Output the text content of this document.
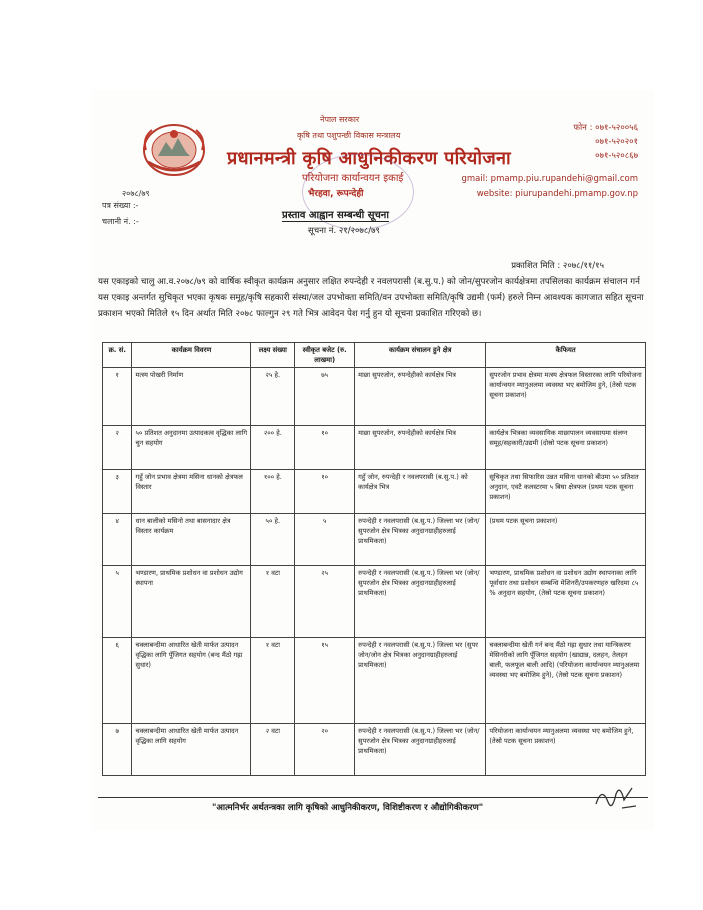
नेपाल सरकार
कृषि तथा पशुपन्छी विकास मन्त्रालय
प्रधानमन्त्री कृषि आधुनिकीकरण परियोजना
परियोजना कार्यान्वयन इकाई
भैरहवा, रूपन्देही
फोन : ०७१-५२००५६
०७१-५२०२०१
०७१-५२०८६७
gmail: pmamp.piu.rupandehi@gmail.com
website: piurupandehi.pmamp.gov.np
२०७८/७९
पत्र संख्या :-
चलानी नं. :-
प्रस्ताव आह्वान सम्बन्धी सूचना
सूचना नं. २१/२०७८/७९
प्रकाशित मिति : २०७८/११/१५
यस एकाइको चालु आ.व.२०७८/७९ को वार्षिक स्वीकृत कार्यक्रम अनुसार लक्षित रुपन्देही र नवलपरासी (ब.सु.प.) को जोन/सुपरजोन कार्यक्षेत्रमा तपसिलका कार्यक्रम संचालन गर्न यस एकाइ अन्तर्गत सुचिकृत भएका कृषक समूह/कृषि सहकारी संस्था/जल उपभोक्ता समिति/वन उपभोक्ता समिति/कृषि उद्यमी (फर्म) हरुले निम्न आवश्यक कागजात सहित सूचना प्रकाशन भएको मितिले १५ दिन अर्थात मिति २०७८ फाल्गुन २९ गते भित्र आवेदन पेश गर्नु हुन यो सूचना प्रकाशित गरिएको छ।
क्र. सं.	कार्यक्रम विवरण	लक्ष्य संख्या	स्वीकृत बजेट (रु. लाखमा)	कार्यक्रम संचालन हुने क्षेत्र	कैफियत
१	मत्स्य पोखरी निर्माण	२५ हे.	७५	माछा सुपरजोन, रुपन्देहीको कार्यक्षेत्र भित्र	सुपरजोन प्रभाव क्षेत्रमा मत्स्य क्षेत्रफल विस्तारका लागि परियोजना कार्यान्वयन म्यानुअलमा व्यवस्था भए बमोजिम हुने, (तेस्रो पटक सूचना प्रकाशन)
२	५० प्रतिशत अनुदानमा उत्पादकत्व वृद्धिका लागि चुन सहयोग	२०० हे.	१०	माछा सुपरजोन, रुपन्देहीको कार्यक्षेत्र भित्र	कार्यक्षेत्र भित्रका व्यवसायिक माछापालन व्यवसायमा संलग्न समूह/सहकारी/उद्यमी (दोस्रो पटक सूचना प्रकाशन)
३	गहुँ जोन प्रभाव क्षेत्रमा मसिना धानको क्षेत्रफल विस्तार	१०० हे.	१०	गहुँ जोन, रुपन्देही र नवलपरासी (ब.सु.प.) को कार्यक्षेत्र भित्र	सूचिकृत तथा सिफारिस उन्नत मसिना धानको बीउमा ५० प्रतिशत अनुदान, एवटै कलस्टरमा ५ बिघा क्षेत्रफल (प्रथम पटक सूचना प्रकाशन)
४	धान बालीको मसिनो तथा बासनादार क्षेत्र विस्तार कार्यक्रम	५० हे.	५	रुपन्देही र नवलपरासी (ब.सु.प.) जिल्ला भर (जोन/सुपरजोन क्षेत्र भित्रका अनुदानग्राहीहरुलाई प्राथमिकता)	(प्रथम पटक सूचना प्रकाशन)
५	भण्डारण, प्राथमिक प्रशोधन वा प्रशोधन उद्योग स्थापना	१ वटा	२५	रुपन्देही र नवलपरासी (ब.सु.प.) जिल्ला भर (जोन/सुपरजोन क्षेत्र भित्रका अनुदानग्राहीहरुलाई प्राथमिकता)	भण्डारण, प्राथमिक प्रशोधन वा प्रशोधन उद्योग स्थापनाका लागि पूर्वाधार तथा प्रशोधन सम्बन्धि मेशिनरी/उपकरणहरु खरिदमा ८५ % अनुदान सहयोग, (तेस्रो पटक सूचना प्रकाशन)
६	चक्लाबन्दीमा आधारित खेती मार्फत उत्पादन वृद्धिका लागि पूँजिगत सहयोग (बन्द मैंठो गह्रा सुधार)	१ वटा	१५	रुपन्देही र नवलपरासी (ब.सु.प.) जिल्ला भर (सुपर जोन/जोन क्षेत्र भित्रका अनुदानग्राहीहरुलाई प्राथमिकता)	चक्लाबन्दीमा खेती गर्न बन्द मैंठो गह्रा सुधार तथा यान्त्रिकरण मेसिनरीको लागि पूँजिगत सहयोग (खाद्यान्न, दलहन, तेलहन बाली, फलफूल बाली आदि) (परियोजना कार्यान्वयन म्यानुअलमा व्यवस्था भए बमोजिम हुने), (तेस्रो पटक सूचना प्रकाशन)
७	चक्लाबन्दीमा आधारित खेती मार्फत उत्पादन वृद्धिका लागि सहयोग	२ वटा	२०	रुपन्देही र नवलपरासी (ब.सु.प.) जिल्ला भर (जोन/सुपरजोन क्षेत्र भित्रका अनुदानग्राहीहरुलाई प्राथमिकता)	परियोजना कार्यान्वयन म्यानुअलमा व्यवस्था भए बमोजिम हुने, (तेस्रो पटक सूचना प्रकाशन)
"आत्मनिर्भर अर्थतन्त्रका लागि कृषिको आधुनिकीकरण, विशिष्टीकरण र औद्योगिकीकरण"
